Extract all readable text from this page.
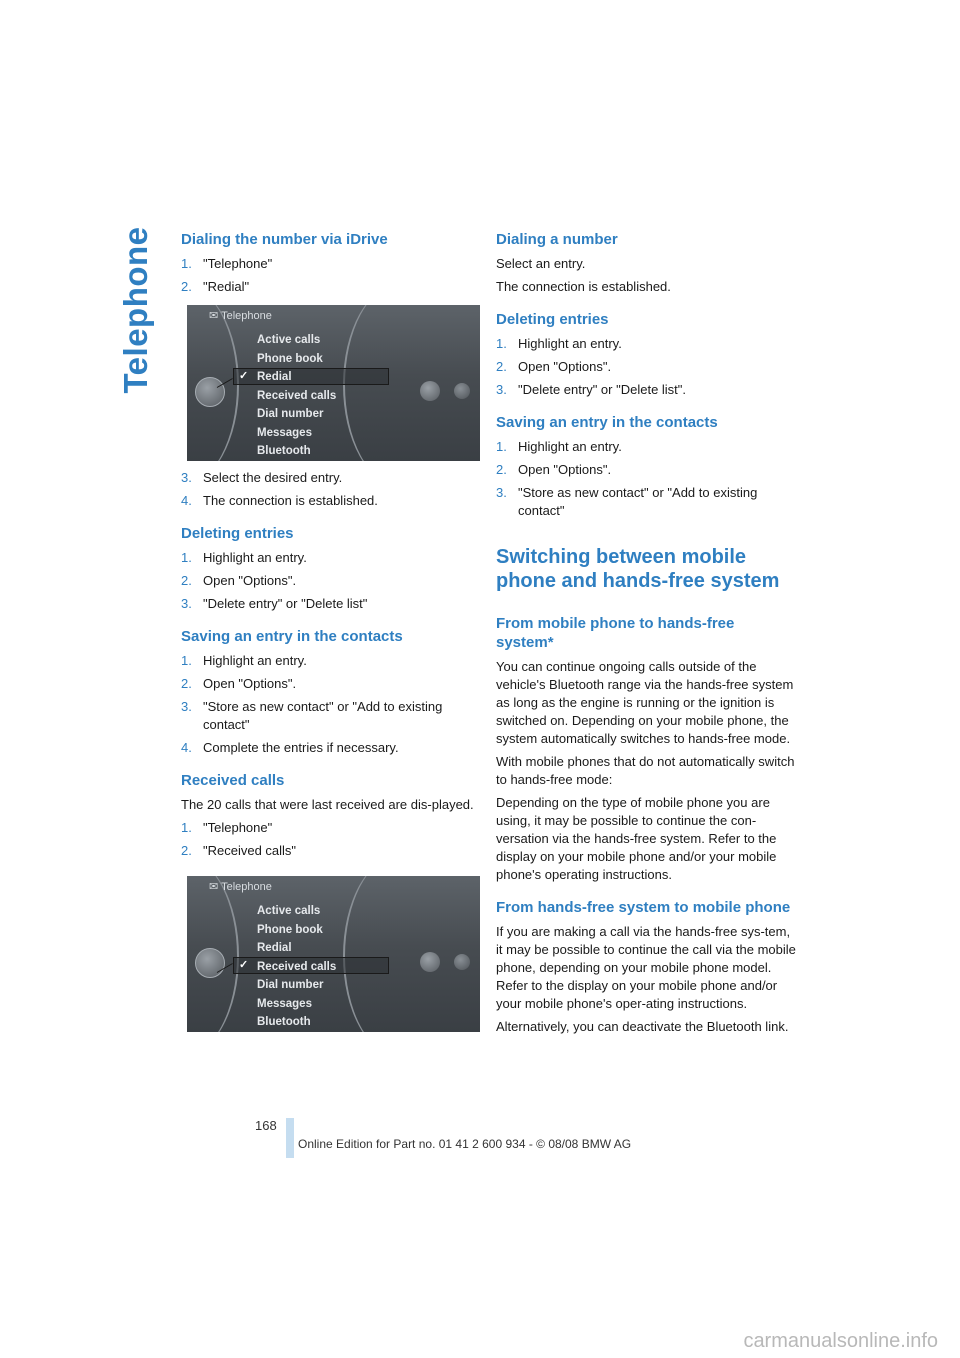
Telephone Dialing the number via iDrive
1. "Telephone"
2. "Redial"
✉︎ Telephone
✓
Active calls
Phone book
Redial
Received calls
Dial number
Messages
Bluetooth
3. Select the desired entry.
4. The connection is established.
Deleting entries
1. Highlight an entry.
2. Open "Options".
3. "Delete entry" or "Delete list"
Saving an entry in the contacts
1. Highlight an entry.
2. Open "Options".
3. "Store as new contact" or "Add to existing contact"
4. Complete the entries if necessary.
Received calls

The 20 calls that were last received are dis-played.

1. "Telephone"
2. "Received calls"
✉︎ Telephone
✓
Active calls
Phone book
Redial
Received calls
Dial number
Messages
Bluetooth
Dialing a number

Select an entry.

The connection is established.

Deleting entries
1. Highlight an entry.
2. Open "Options".
3. "Delete entry" or "Delete list".
Saving an entry in the contacts
1. Highlight an entry.
2. Open "Options".
3. "Store as new contact" or "Add to existing contact"
Switching between mobile phone and hands-free system
From mobile phone to hands-free system*

You can continue ongoing calls outside of the vehicle's Bluetooth range via the hands-free system as long as the engine is running or the ignition is switched on. Depending on your mobile phone, the system automatically switches to hands-free mode.

With mobile phones that do not automatically switch to hands-free mode:

Depending on the type of mobile phone you are using, it may be possible to continue the con-versation via the hands-free system. Refer to the display on your mobile phone and/or your mobile phone's operating instructions.

From hands-free system to mobile phone

If you are making a call via the hands-free sys-tem, it may be possible to continue the call via the mobile phone, depending on your mobile phone model. Refer to the display on your mobile phone and/or your mobile phone's oper-ating instructions.

Alternatively, you can deactivate the Bluetooth link.

168
Online Edition for Part no. 01 41 2 600 934 - © 08/08 BMW AG
carmanualsonline.info
